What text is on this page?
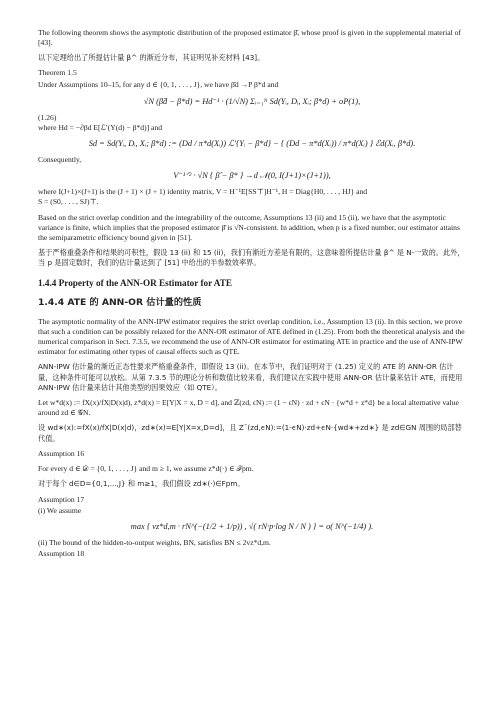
The following theorem shows the asymptotic distribution of the proposed estimator β̂, whose proof is given in the supplemental material of [43].

以下定理给出了所提估计量 β^ 的渐近分布，其证明见补充材料 [43]。

Theorem 1.5

Under Assumptions 10–15, for any d ∈ {0, 1, . . . , J}, we have β̂d →P β*d and

√N (β̂d − β*d) = Hd⁻¹ · (1/√N) Σᵢ₌₁ᴺ Sd(Yᵢ, Dᵢ, Xᵢ; β*d) + oP(1),
(1.26)

where Hd = −∂βd E[ℒ′(Y(d) − β*d)] and

Sd = Sd(Yᵢ, Dᵢ, Xᵢ; β*d) := (Dd / π*d(Xᵢ)) ℒ′{Yᵢ − β*d} − { (Dd − π*d(Xᵢ)) / π*d(Xᵢ) } ℰd(Xᵢ, β*d).

Consequently,

V⁻¹ᐟ² · √N { β̂ − β* } →d 𝒩(0, I(J+1)×(J+1)),

where I(J+1)×(J+1) is the (J + 1) × (J + 1) identity matrix, V = H⁻¹E[SS⊤]H⁻¹, H = Diag{H0, . . . , HJ} and
S = (S0, . . . , SJ)⊤.

Based on the strict overlap condition and the integrability of the outcome, Assumptions 13 (ii) and 15 (ii), we have that the asymptotic variance is finite, which implies that the proposed estimator β̂ is √N-consistent. In addition, when p is a fixed number, our estimator attains the semiparametric efficiency bound given in [51].

基于严格重叠条件和结果的可积性，假设 13 (ii) 和 15 (ii)，我们有渐近方差是有限的，这意味着所提估计量 β^ 是 N-一致的。此外，当 p 是固定数时，我们的估计量达到了 [51] 中给出的半参数效率界。

1.4.4 Property of the ANN-OR Estimator for ATE
1.4.4 ATE 的 ANN-OR 估计量的性质

The asymptotic normality of the ANN-IPW estimator requires the strict overlap condition, i.e., Assumption 13 (ii). In this section, we prove that such a condition can be possibly relaxed for the ANN-OR estimator of ATE defined in (1.25). From both the theoretical analysis and the numerical comparison in Sect. 7.3.5, we recommend the use of ANN-OR estimator for estimating ATE in practice and the use of ANN-IPW estimator for estimating other types of causal effects such as QTE.

ANN-IPW 估计量的渐近正态性要求严格重叠条件，即假设 13 (ii)。在本节中，我们证明对于 (1.25) 定义的 ATE 的 ANN-OR 估计量，这种条件可能可以放松。从第 7.3.5 节的理论分析和数值比较来看，我们建议在实践中使用 ANN-OR 估计量来估计 ATE，而使用 ANN-IPW 估计量来估计其他类型的因果效应（如 QTE）。

Let w*d(x) := fX(x)/fX|D(x|d), z*d(x) = E[Y|X = x, D = d], and ℤ(zd, ϵN) := (1 − ϵN) · zd + ϵN · {w*d + z*d} be a local alternative value around zd ∈ 𝒢N.

设 wd∗(x):=fX(x)/fX|D(x|d)，zd∗(x)=E[Y|X=x,D=d]，且 Z¯(zd,ϵN):=(1-ϵN)·zd+ϵN·{wd∗+zd∗} 是 zd∈GN 周围的局部替代值。

Assumption 16

For every d ∈ 𝒟 = {0, 1, . . . , J} and m ≥ 1, we assume z*d(·) ∈ ℱpm.

对于每个 d∈D={0,1,...,J} 和 m≥1，我们假设 zd∗(·)∈Fpm。

Assumption 17

(i) We assume

max { vz*d,m · rN^(−(1/2 + 1/p)) , √( rN·p·log N / N ) } = o( N^(−1/4) ).

(ii) The bound of the hidden-to-output weights, BN, satisfies BN ≤ 2vz*d,m.

Assumption 18
